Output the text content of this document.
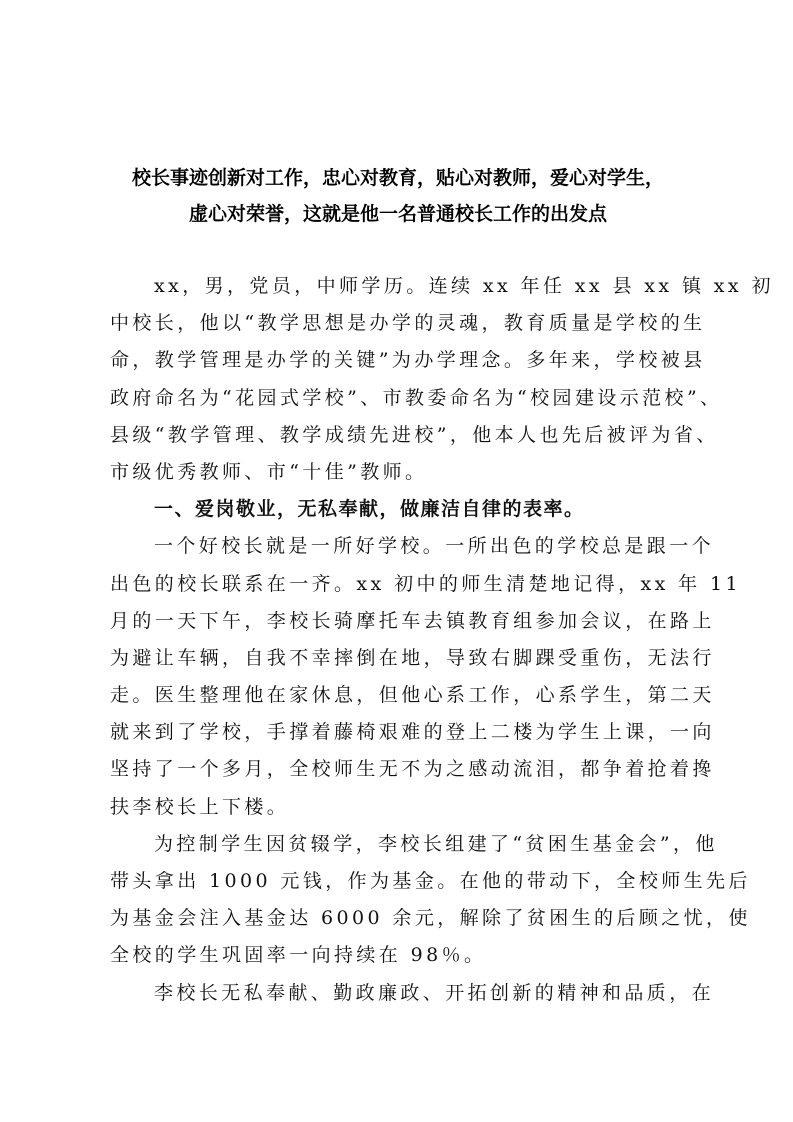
校长事迹创新对工作，忠心对教育，贴心对教师，爱心对学生，
虚心对荣誉，这就是他一名普通校长工作的出发点
xx，男，党员，中师学历。连续 xx 年任 xx 县 xx 镇 xx 初
中校长，他以“教学思想是办学的灵魂，教育质量是学校的生
命，教学管理是办学的关键”为办学理念。多年来，学校被县
政府命名为“花园式学校”、市教委命名为“校园建设示范校”、
县级“教学管理、教学成绩先进校”，他本人也先后被评为省、
市级优秀教师、市“十佳”教师。
一、爱岗敬业，无私奉献，做廉洁自律的表率。
一个好校长就是一所好学校。一所出色的学校总是跟一个
出色的校长联系在一齐。xx 初中的师生清楚地记得，xx 年 11
月的一天下午，李校长骑摩托车去镇教育组参加会议，在路上
为避让车辆，自我不幸摔倒在地，导致右脚踝受重伤，无法行
走。医生整理他在家休息，但他心系工作，心系学生，第二天
就来到了学校，手撑着藤椅艰难的登上二楼为学生上课，一向
坚持了一个多月，全校师生无不为之感动流泪，都争着抢着搀
扶李校长上下楼。
为控制学生因贫辍学，李校长组建了“贫困生基金会”，他
带头拿出 1000 元钱，作为基金。在他的带动下，全校师生先后
为基金会注入基金达 6000 余元，解除了贫困生的后顾之忧，使
全校的学生巩固率一向持续在 98％。
李校长无私奉献、勤政廉政、开拓创新的精神和品质，在
